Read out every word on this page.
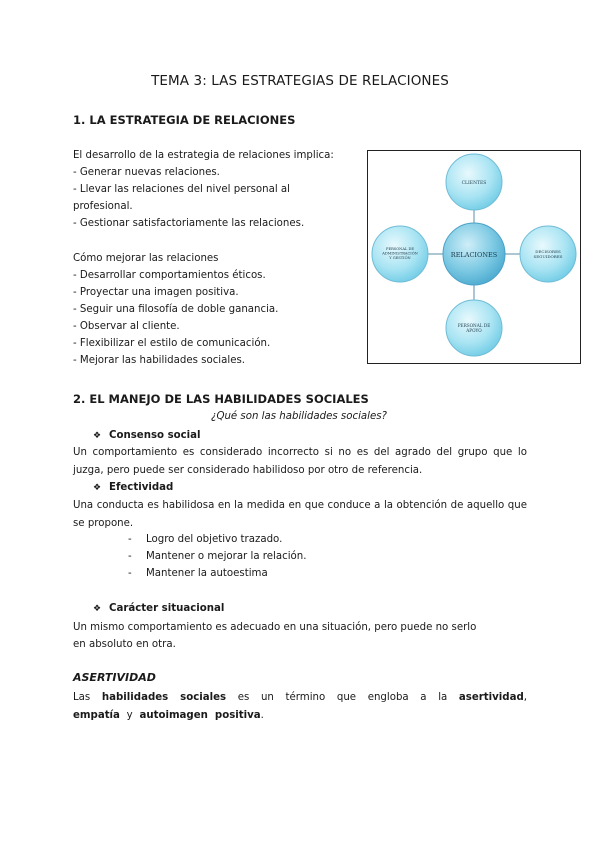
TEMA 3: LAS ESTRATEGIAS DE RELACIONES
1. LA ESTRATEGIA DE RELACIONES
El desarrollo de la estrategia de relaciones implica:
- Generar nuevas relaciones.
- Llevar las relaciones del nivel personal al
profesional.
- Gestionar satisfactoriamente las relaciones.
Cómo mejorar las relaciones
- Desarrollar comportamientos éticos.
- Proyectar una imagen positiva.
- Seguir una filosofía de doble ganancia.
- Observar al cliente.
- Flexibilizar el estilo de comunicación.
- Mejorar las habilidades sociales.
RELACIONES
CLIENTES
DECISORES SEGUIDORES
PERSONAL DE APOYO
PERSONAL DE ADMINISTRACIÓN Y GESTIÓN
2. EL MANEJO DE LAS HABILIDADES SOCIALES
¿Qué son las habilidades sociales?
❖ Consenso social
Un comportamiento es considerado incorrecto si no es del agrado del grupo que lo juzga, pero puede ser considerado habilidoso por otro de referencia.
❖ Efectividad
Una conducta es habilidosa en la medida en que conduce a la obtención de aquello que se propone.
- Logro del objetivo trazado.
- Mantener o mejorar la relación.
- Mantener la autoestima
❖ Carácter situacional
Un mismo comportamiento es adecuado en una situación, pero puede no serlo
en absoluto en otra.
ASERTIVIDAD
Las habilidades sociales es un término que engloba a la asertividad, empatía y autoimagen positiva.
